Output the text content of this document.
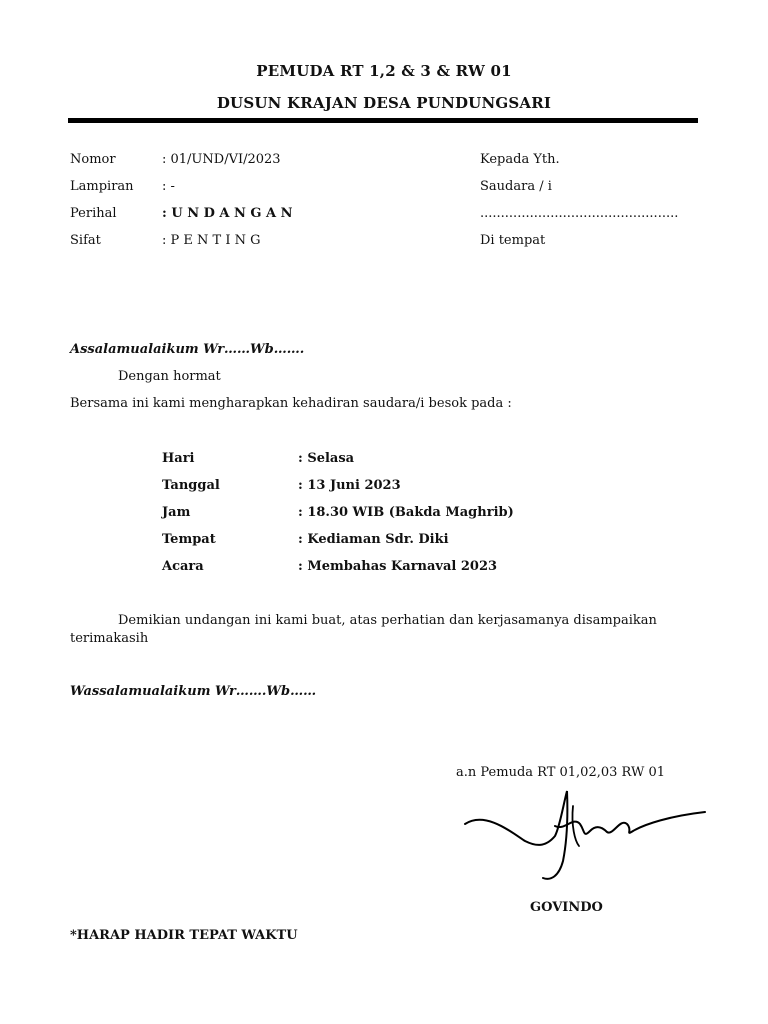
PEMUDA RT 1,2 & 3 & RW 01
DUSUN KRAJAN DESA PUNDUNGSARI
Nomor	: 01/UND/VI/2023
Lampiran : -
Perihal	: U N D A N G A N
Sifat	: P E N T I N G
Kepada Yth.
Saudara / i
................................................
Di tempat
Assalamualaikum Wr……Wb…….
Dengan hormat
Bersama ini kami mengharapkan kehadiran saudara/i besok pada :
Hari	: Selasa
Tanggal	: 13 Juni 2023
Jam	: 18.30 WIB (Bakda Maghrib)
Tempat	: Kediaman Sdr. Diki
Acara	: Membahas Karnaval 2023
Demikian undangan ini kami buat, atas perhatian dan kerjasamanya disampaikan
terimakasih
Wassalamualaikum Wr…….Wb……
a.n Pemuda RT 01,02,03 RW 01
GOVINDO
*HARAP HADIR TEPAT WAKTU
